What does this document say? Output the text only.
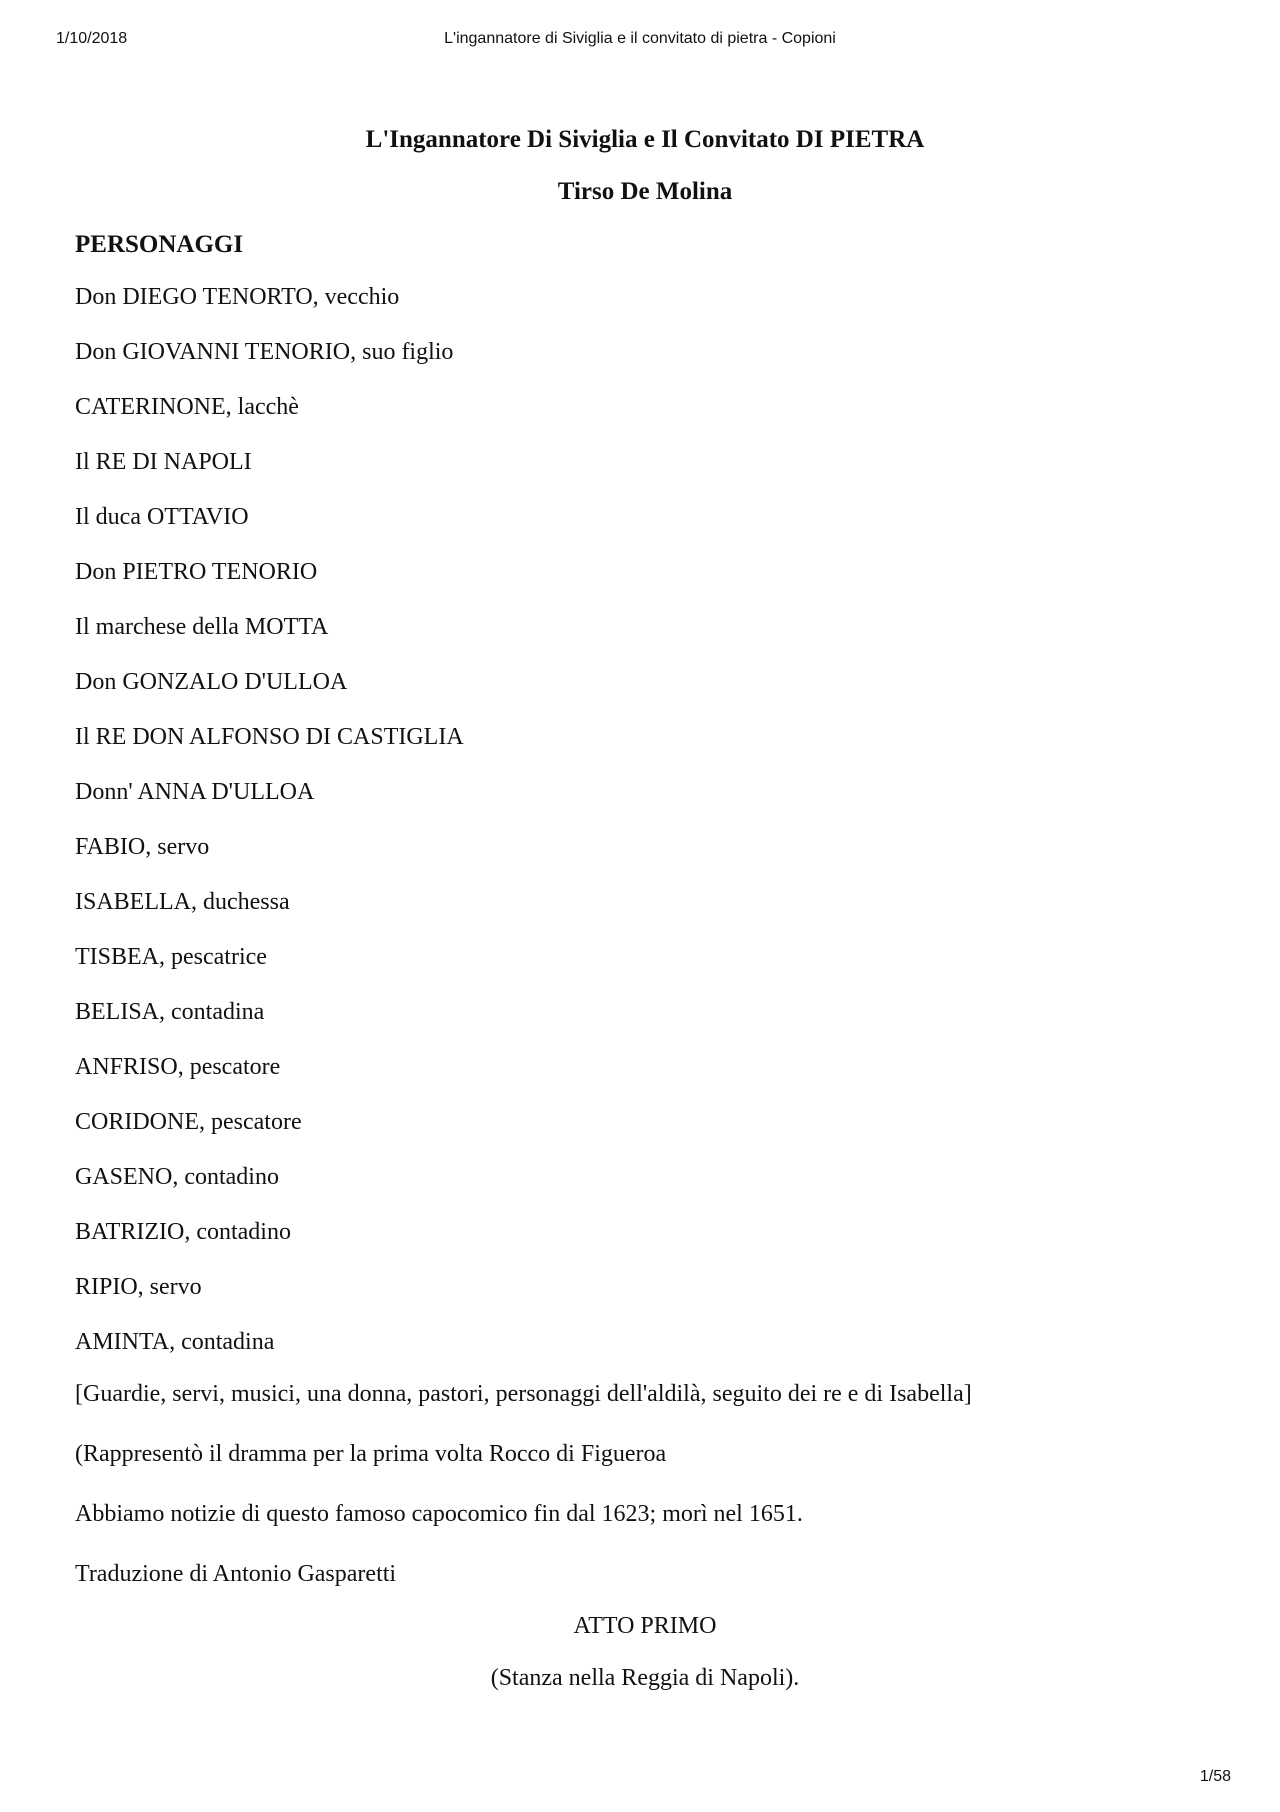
1/10/2018	L'ingannatore di Siviglia e il convitato di pietra - Copioni
L'Ingannatore Di Siviglia e Il Convitato DI PIETRA
Tirso De Molina
PERSONAGGI
Don DIEGO TENORTO, vecchio
Don GIOVANNI TENORIO, suo figlio
CATERINONE, lacchè
Il RE DI NAPOLI
Il duca OTTAVIO
Don PIETRO TENORIO
Il marchese della MOTTA
Don GONZALO D'ULLOA
Il RE DON ALFONSO DI CASTIGLIA
Donn' ANNA D'ULLOA
FABIO, servo
ISABELLA, duchessa
TISBEA, pescatrice
BELISA, contadina
ANFRISO, pescatore
CORIDONE, pescatore
GASENO, contadino
BATRIZIO, contadino
RIPIO, servo
AMINTA, contadina
[Guardie, servi, musici, una donna, pastori, personaggi dell'aldilà, seguito dei re e di Isabella]
(Rappresentò il dramma per la prima volta Rocco di Figueroa
Abbiamo notizie di questo famoso capocomico fin dal 1623; morì nel 1651.
Traduzione di Antonio Gasparetti
ATTO PRIMO
(Stanza nella Reggia di Napoli).
1/58
